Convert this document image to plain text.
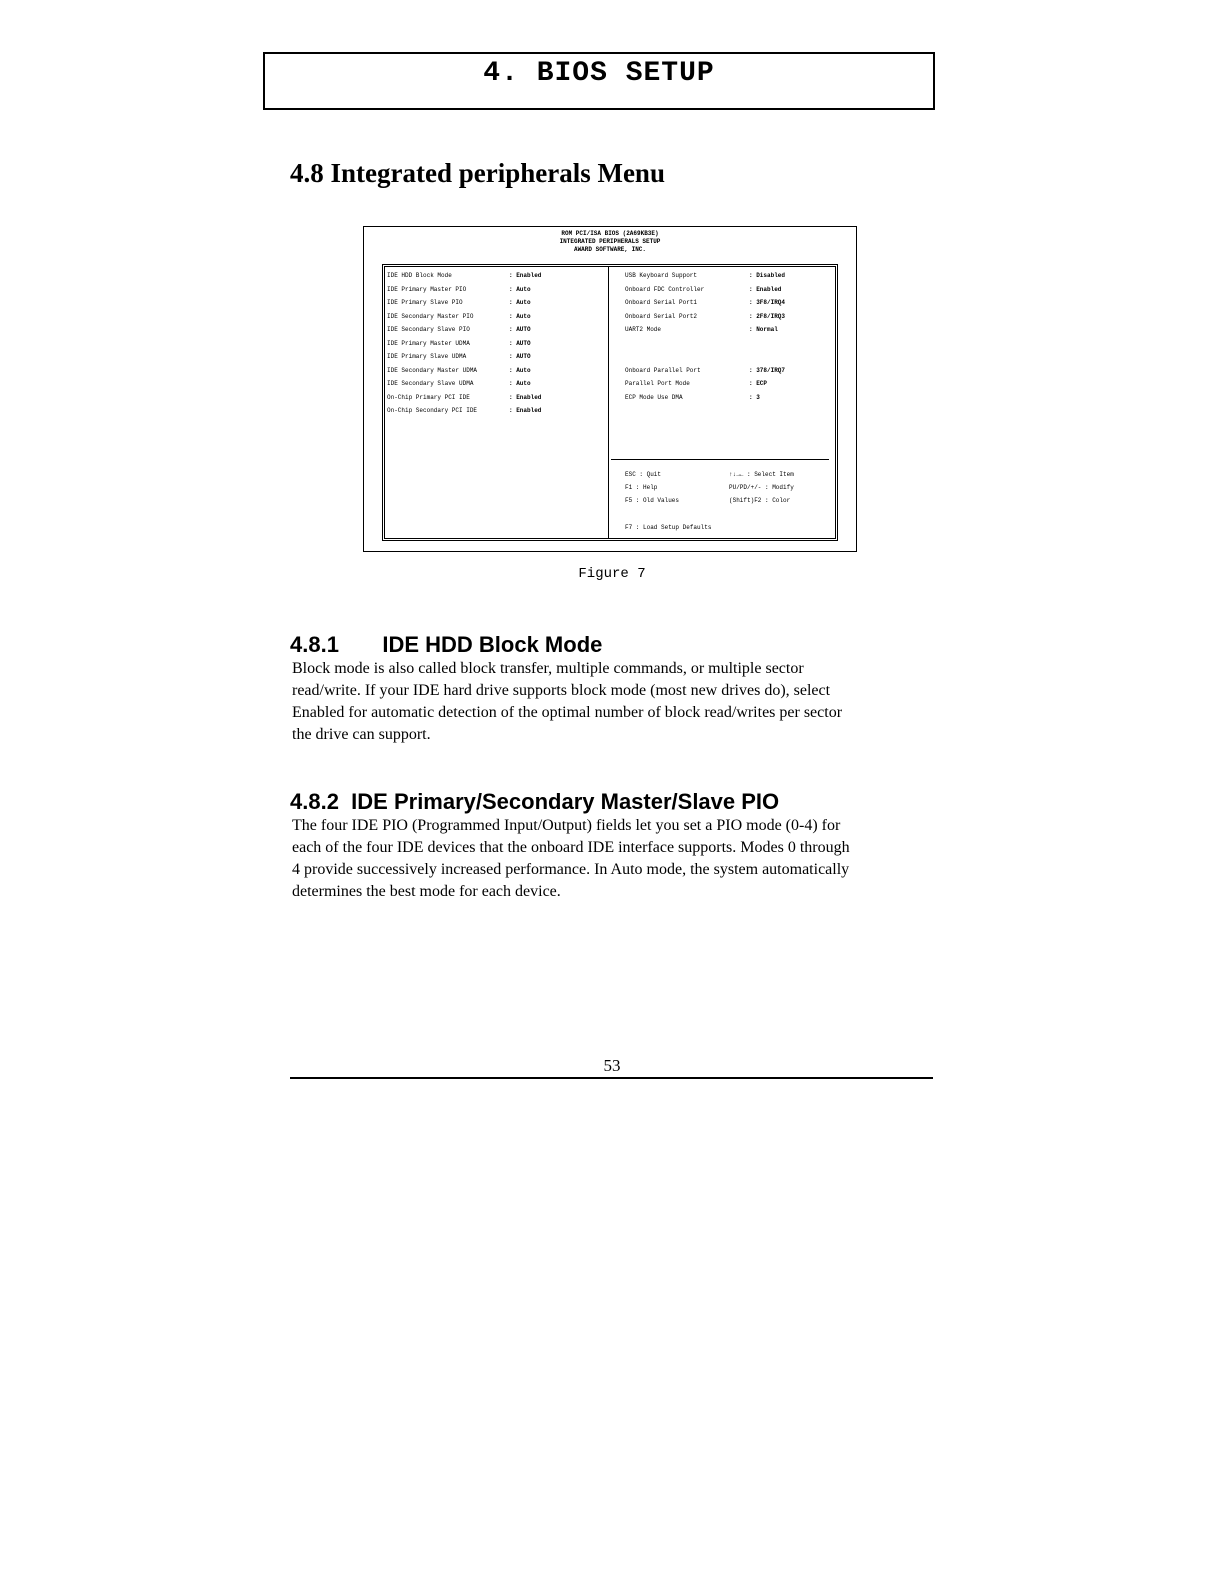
4. BIOS SETUP
4.8 Integrated peripherals Menu
ROM PCI/ISA BIOS (2A69KB3E)
INTEGRATED PERIPHERALS SETUP
AWARD SOFTWARE, INC.
IDE HDD Block Mode	: Enabled
IDE Primary Master PIO	: Auto
IDE Primary Slave PIO	: Auto
IDE Secondary Master PIO	: Auto
IDE Secondary Slave PIO	: AUTO
IDE Primary Master UDMA	: AUTO
IDE Primary Slave UDMA	: AUTO
IDE Secondary Master UDMA	: Auto
IDE Secondary Slave UDMA	: Auto
On-Chip Primary PCI IDE	: Enabled
On-Chip Secondary PCI IDE	: Enabled
USB Keyboard Support	: Disabled
Onboard FDC Controller	: Enabled
Onboard Serial Port1	: 3F8/IRQ4
Onboard Serial Port2	: 2F8/IRQ3
UART2 Mode	: Normal
Onboard Parallel Port	: 378/IRQ7
Parallel Port Mode	: ECP
ECP Mode Use DMA	: 3
ESC : Quit	↑↓→← : Select Item
F1 : Help	PU/PD/+/- : Modify
F5 : Old Values	(Shift)F2 : Color
F7 : Load Setup Defaults
Figure 7
4.8.1 IDE HDD Block Mode
Block mode is also called block transfer, multiple commands, or multiple sector
read/write. If your IDE hard drive supports block mode (most new drives do), select
Enabled for automatic detection of the optimal number of block read/writes per sector
the drive can support.
4.8.2 IDE Primary/Secondary Master/Slave PIO
The four IDE PIO (Programmed Input/Output) fields let you set a PIO mode (0-4) for
each of the four IDE devices that the onboard IDE interface supports. Modes 0 through
4 provide successively increased performance. In Auto mode, the system automatically
determines the best mode for each device.
53
